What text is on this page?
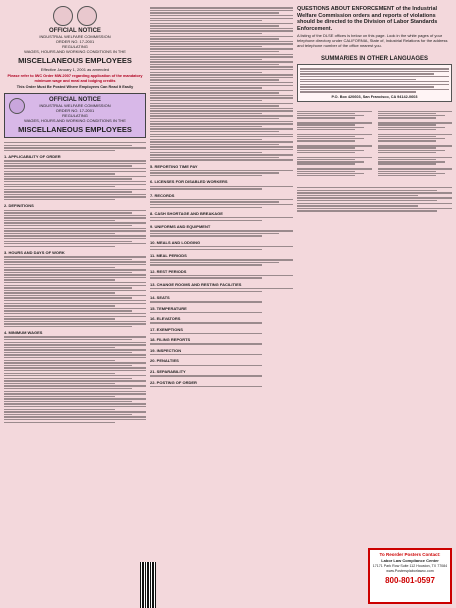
OFFICIAL NOTICE
INDUSTRIAL WELFARE COMMISSION
ORDER NO. 17-2001
REGULATING
WAGES, HOURS AND WORKING CONDITIONS IN THE
MISCELLANEOUS EMPLOYEES
Effective January 1, 2001 as amended
Please refer to IWC Order MW-2007 regarding application of the mandatory minimum wage and meal and lodging credits
This Order Must Be Posted Where Employees Can Read It Easily
OFFICIAL NOTICE
INDUSTRIAL WELFARE COMMISSION
ORDER NO. 17-2001
REGULATING
WAGES, HOURS AND WORKING CONDITIONS IN THE
MISCELLANEOUS EMPLOYEES
1. APPLICABILITY OF ORDER
2. DEFINITIONS
3. HOURS AND DAYS OF WORK
4. MINIMUM WAGES
5. REPORTING TIME PAY
6. LICENSES FOR DISABLED WORKERS
7. RECORDS
8. CASH SHORTAGE AND BREAKAGE
9. UNIFORMS AND EQUIPMENT
10. MEALS AND LODGING
11. MEAL PERIODS
12. REST PERIODS
13. CHANGE ROOMS AND RESTING FACILITIES
14. SEATS
15. TEMPERATURE
16. ELEVATORS
17. EXEMPTIONS
18. FILING REPORTS
19. INSPECTION
20. PENALTIES
21. SEPARABILITY
22. POSTING OF ORDER
QUESTIONS ABOUT ENFORCEMENT of the Industrial Welfare Commission orders and reports of violations should be directed to the Division of Labor Standards Enforcement.
A listing of the DLSE offices is below on this page. Look in the white pages of your telephone directory under CALIFORNIA, State of, Industrial Relations for the address and telephone number of the office nearest you.
SUMMARIES IN OTHER LANGUAGES
P.O. Box 420603, San Francisco, CA 94142-0603
To Reorder Posters Contact:
Labor Law Compliance Center
17171 Park Row Suite 112 Houston, TX 77084
www.Postersplaborlawcc.com
800-801-0597
